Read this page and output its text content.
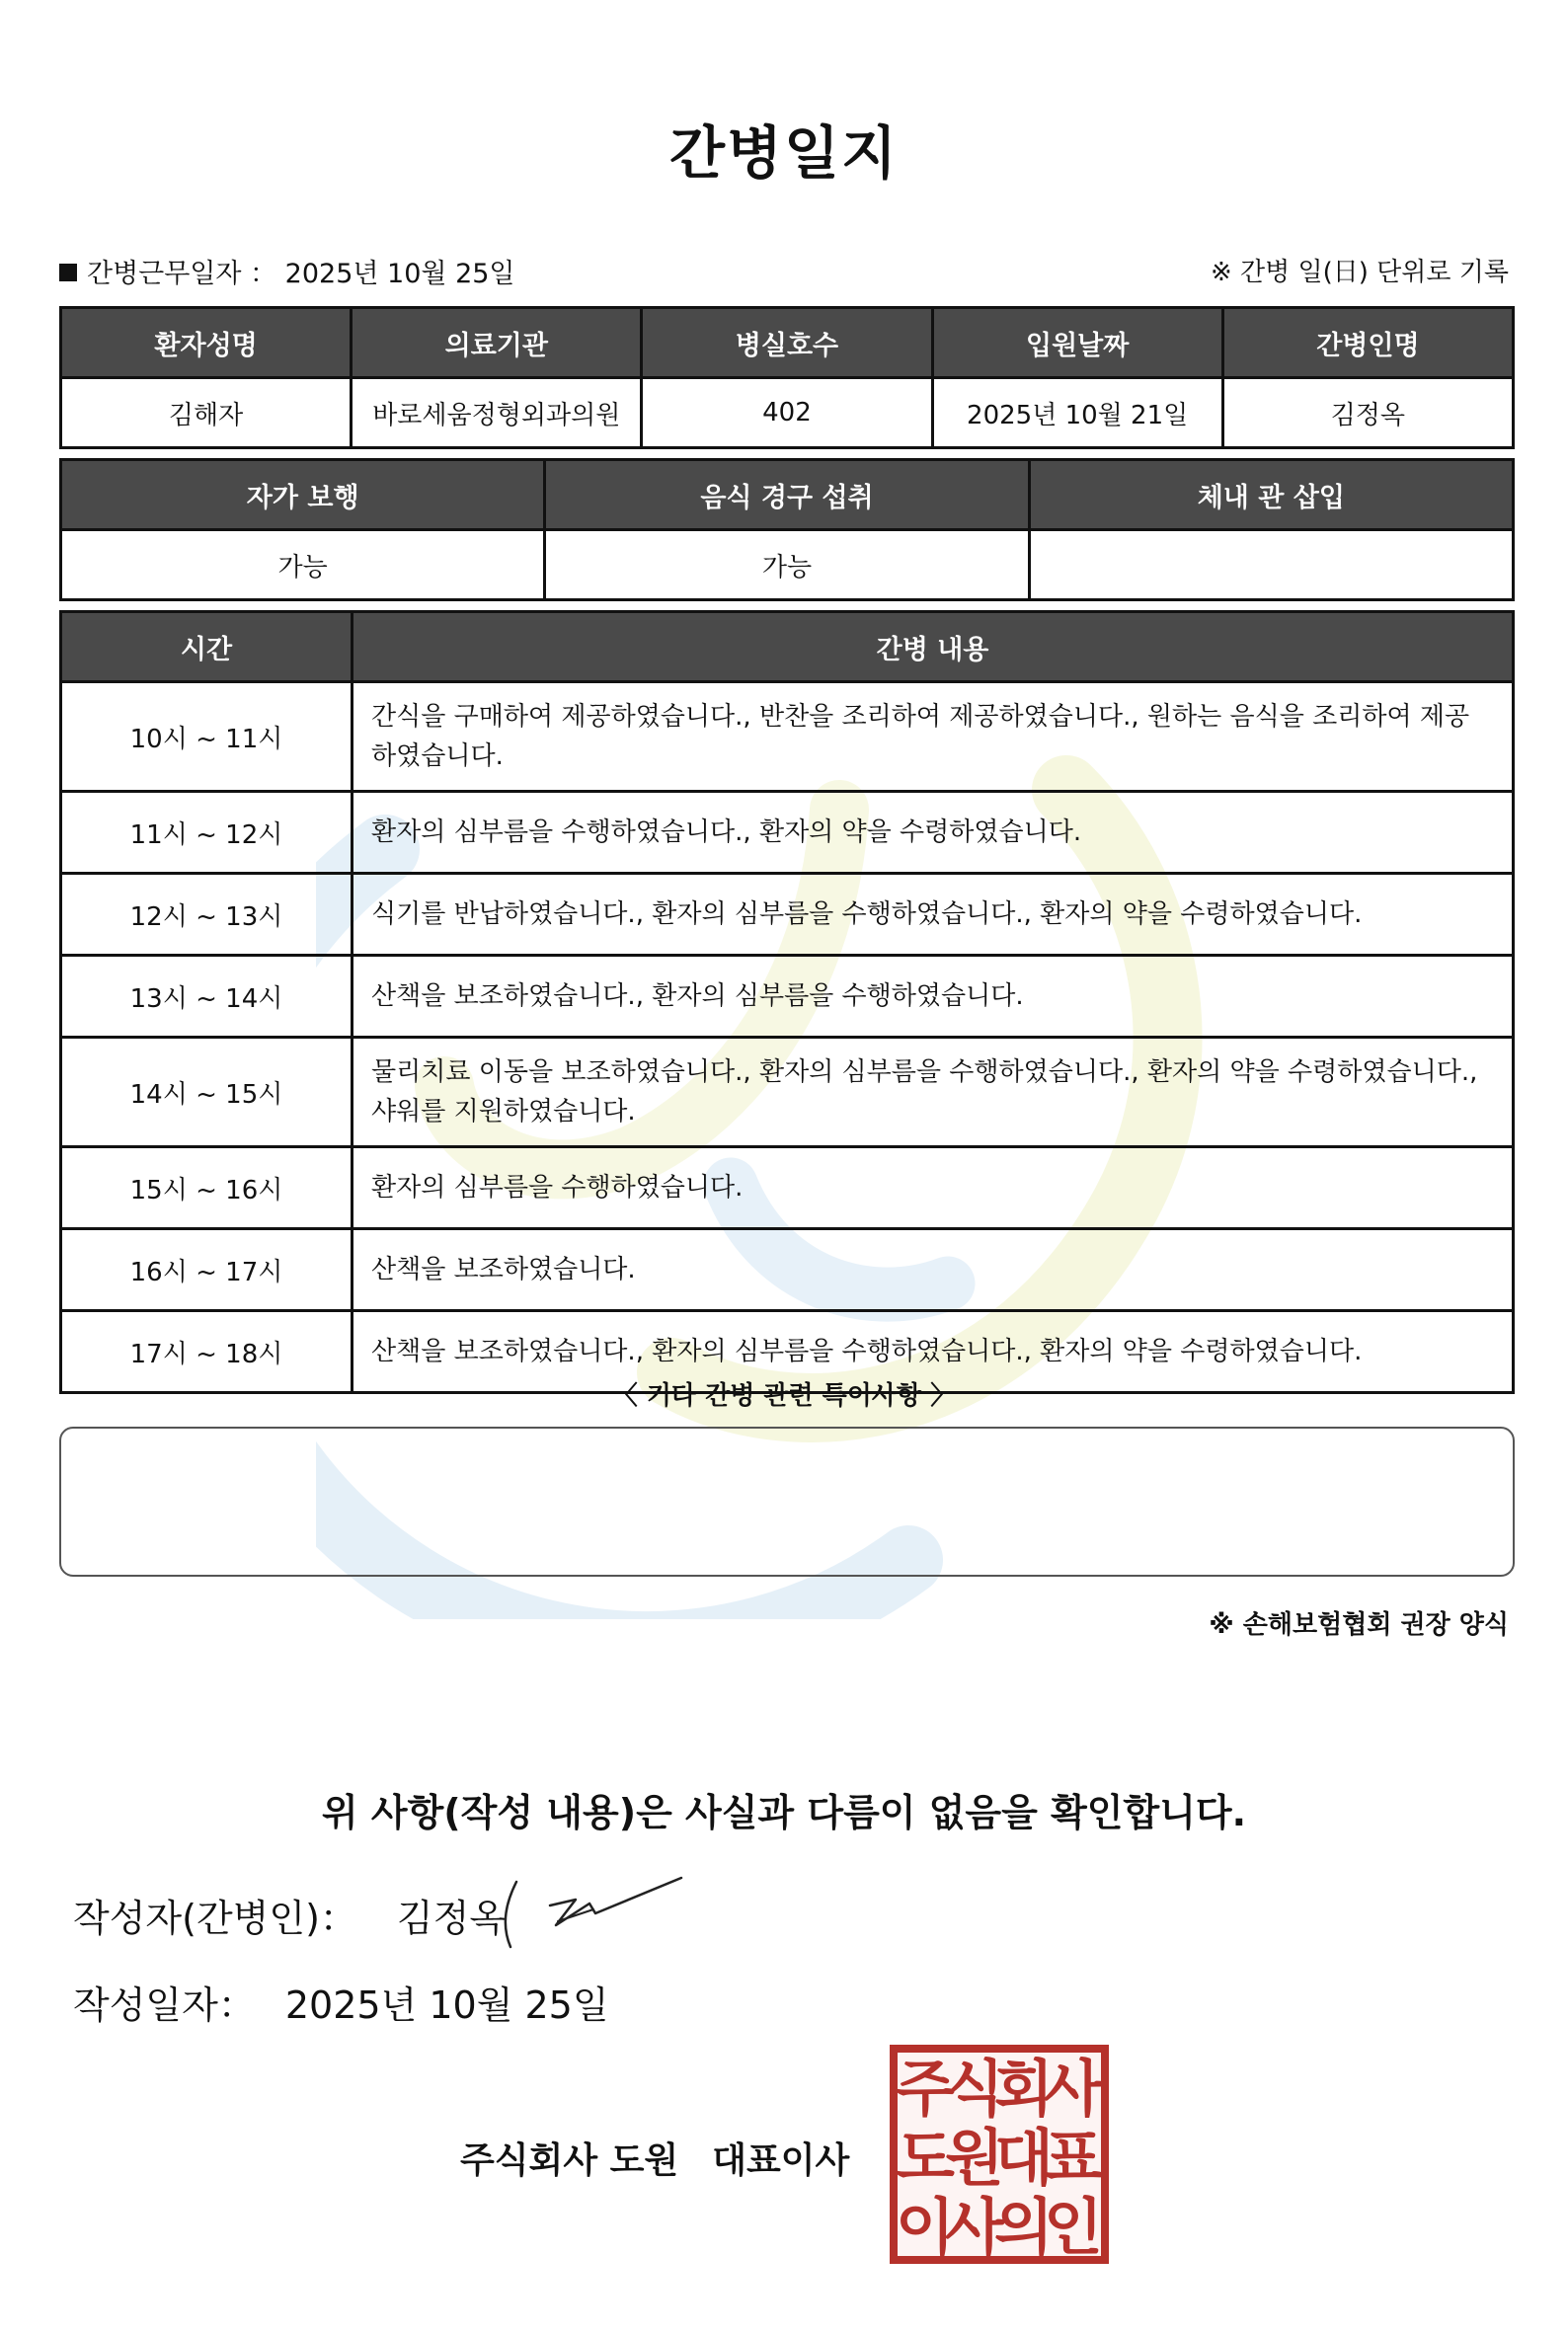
간병일지
간병근무일자 ： 2025년 10월 25일	※ 간병 일(日) 단위로 기록
환자성명	의료기관	병실호수	입원날짜	간병인명
김해자	바로세움정형외과의원	402	2025년 10월 21일	김정옥
자가 보행	음식 경구 섭취	체내 관 삽입
가능	가능	
시간	간병 내용
10시 ~ 11시	간식을 구매하여 제공하였습니다., 반찬을 조리하여 제공하였습니다., 원하는 음식을 조리하여 제공하였습니다.
11시 ~ 12시	환자의 심부름을 수행하였습니다., 환자의 약을 수령하였습니다.
12시 ~ 13시	식기를 반납하였습니다., 환자의 심부름을 수행하였습니다., 환자의 약을 수령하였습니다.
13시 ~ 14시	산책을 보조하였습니다., 환자의 심부름을 수행하였습니다.
14시 ~ 15시	물리치료 이동을 보조하였습니다., 환자의 심부름을 수행하였습니다., 환자의 약을 수령하였습니다., 샤워를 지원하였습니다.
15시 ~ 16시	환자의 심부름을 수행하였습니다.
16시 ~ 17시	산책을 보조하였습니다.
17시 ~ 18시	산책을 보조하였습니다., 환자의 심부름을 수행하였습니다., 환자의 약을 수령하였습니다.
〈 기타 간병 관련 특이사항 〉
※ 손해보험협회 권장 양식
위 사항(작성 내용)은 사실과 다름이 없음을 확인합니다.
작성자(간병인)： 김정옥
작성일자： 2025년 10월 25일
주식회사 도원 대표이사
주
식
회
사
도
원
대
표
이
사
의
인
